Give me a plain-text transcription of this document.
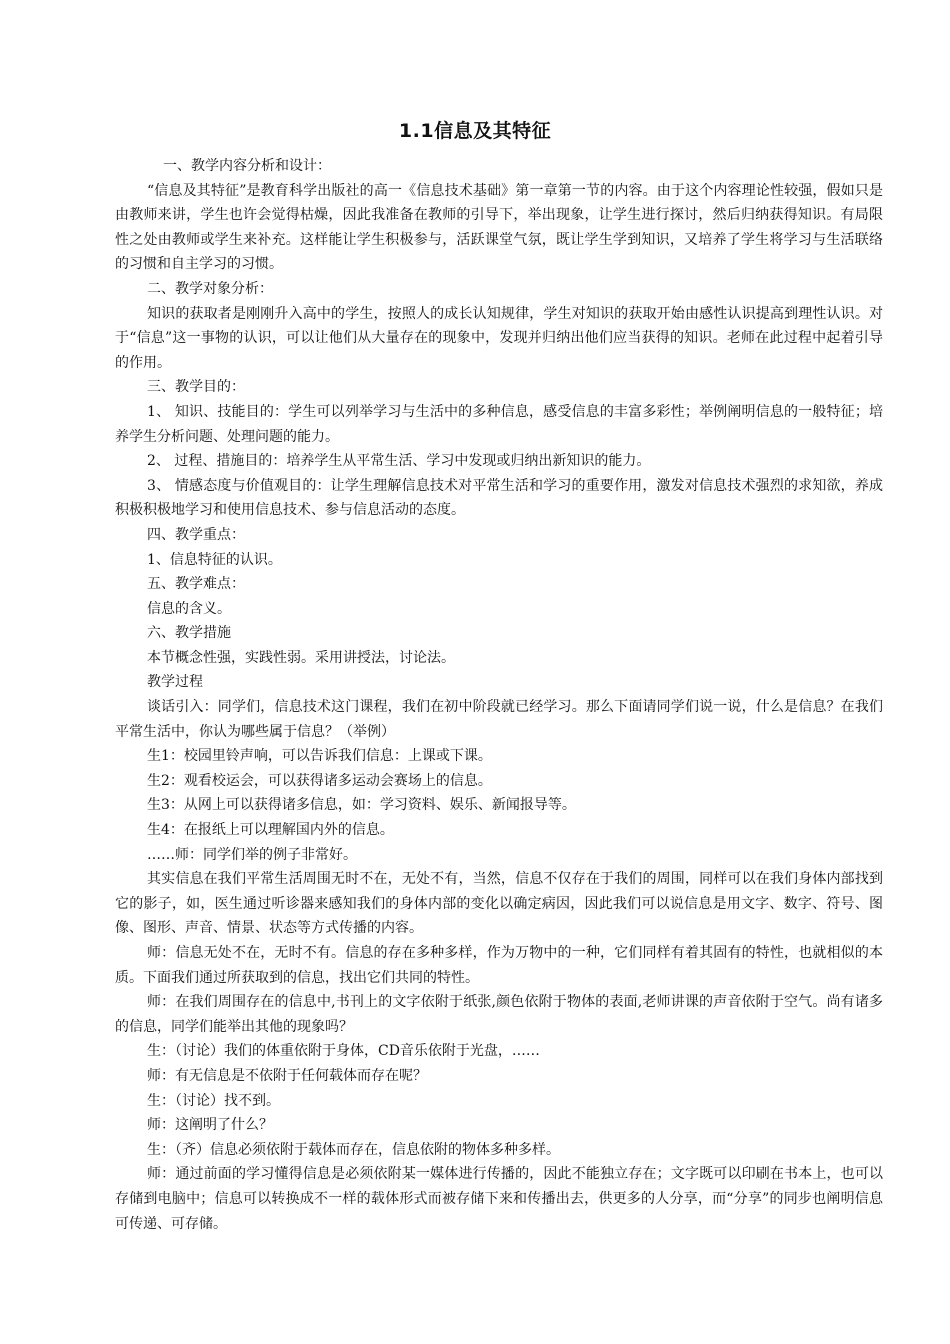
1.1信息及其特征

一、教学内容分析和设计：

“信息及其特征”是教育科学出版社的高一《信息技术基础》第一章第一节的内容。由于这个内容理论性较强，假如只是由教师来讲，学生也许会觉得枯燥，因此我准备在教师的引导下，举出现象，让学生进行探讨，然后归纳获得知识。有局限性之处由教师或学生来补充。这样能让学生积极参与，活跃课堂气氛，既让学生学到知识，又培养了学生将学习与生活联络的习惯和自主学习的习惯。

二、教学对象分析：

知识的获取者是刚刚升入高中的学生，按照人的成长认知规律，学生对知识的获取开始由感性认识提高到理性认识。对于“信息”这一事物的认识，可以让他们从大量存在的现象中，发现并归纳出他们应当获得的知识。老师在此过程中起着引导的作用。

三、教学目的：

1、 知识、技能目的：学生可以列举学习与生活中的多种信息，感受信息的丰富多彩性；举例阐明信息的一般特征；培养学生分析问题、处理问题的能力。

2、 过程、措施目的：培养学生从平常生活、学习中发现或归纳出新知识的能力。

3、 情感态度与价值观目的：让学生理解信息技术对平常生活和学习的重要作用，激发对信息技术强烈的求知欲，养成积极积极地学习和使用信息技术、参与信息活动的态度。

四、教学重点：

1、信息特征的认识。

五、教学难点：

信息的含义。

六、教学措施

本节概念性强，实践性弱。采用讲授法，讨论法。

教学过程

谈话引入：同学们，信息技术这门课程，我们在初中阶段就已经学习。那么下面请同学们说一说，什么是信息？在我们平常生活中，你认为哪些属于信息？（举例）

生1：校园里铃声响，可以告诉我们信息：上课或下课。

生2：观看校运会，可以获得诸多运动会赛场上的信息。

生3：从网上可以获得诸多信息，如：学习资料、娱乐、新闻报导等。

生4：在报纸上可以理解国内外的信息。

……师：同学们举的例子非常好。

其实信息在我们平常生活周围无时不在，无处不有，当然，信息不仅存在于我们的周围，同样可以在我们身体内部找到它的影子，如，医生通过听诊器来感知我们的身体内部的变化以确定病因，因此我们可以说信息是用文字、数字、符号、图像、图形、声音、情景、状态等方式传播的内容。

师：信息无处不在，无时不有。信息的存在多种多样，作为万物中的一种，它们同样有着其固有的特性，也就相似的本质。下面我们通过所获取到的信息，找出它们共同的特性。

师：在我们周围存在的信息中,书刊上的文字依附于纸张,颜色依附于物体的表面,老师讲课的声音依附于空气。尚有诸多的信息，同学们能举出其他的现象吗？

生：（讨论）我们的体重依附于身体，CD音乐依附于光盘，……

师：有无信息是不依附于任何载体而存在呢？

生：（讨论）找不到。

师：这阐明了什么？

生：（齐）信息必须依附于载体而存在，信息依附的物体多种多样。

师：通过前面的学习懂得信息是必须依附某一媒体进行传播的，因此不能独立存在；文字既可以印刷在书本上，也可以存储到电脑中；信息可以转换成不一样的载体形式而被存储下来和传播出去，供更多的人分享，而“分享”的同步也阐明信息可传递、可存储。
